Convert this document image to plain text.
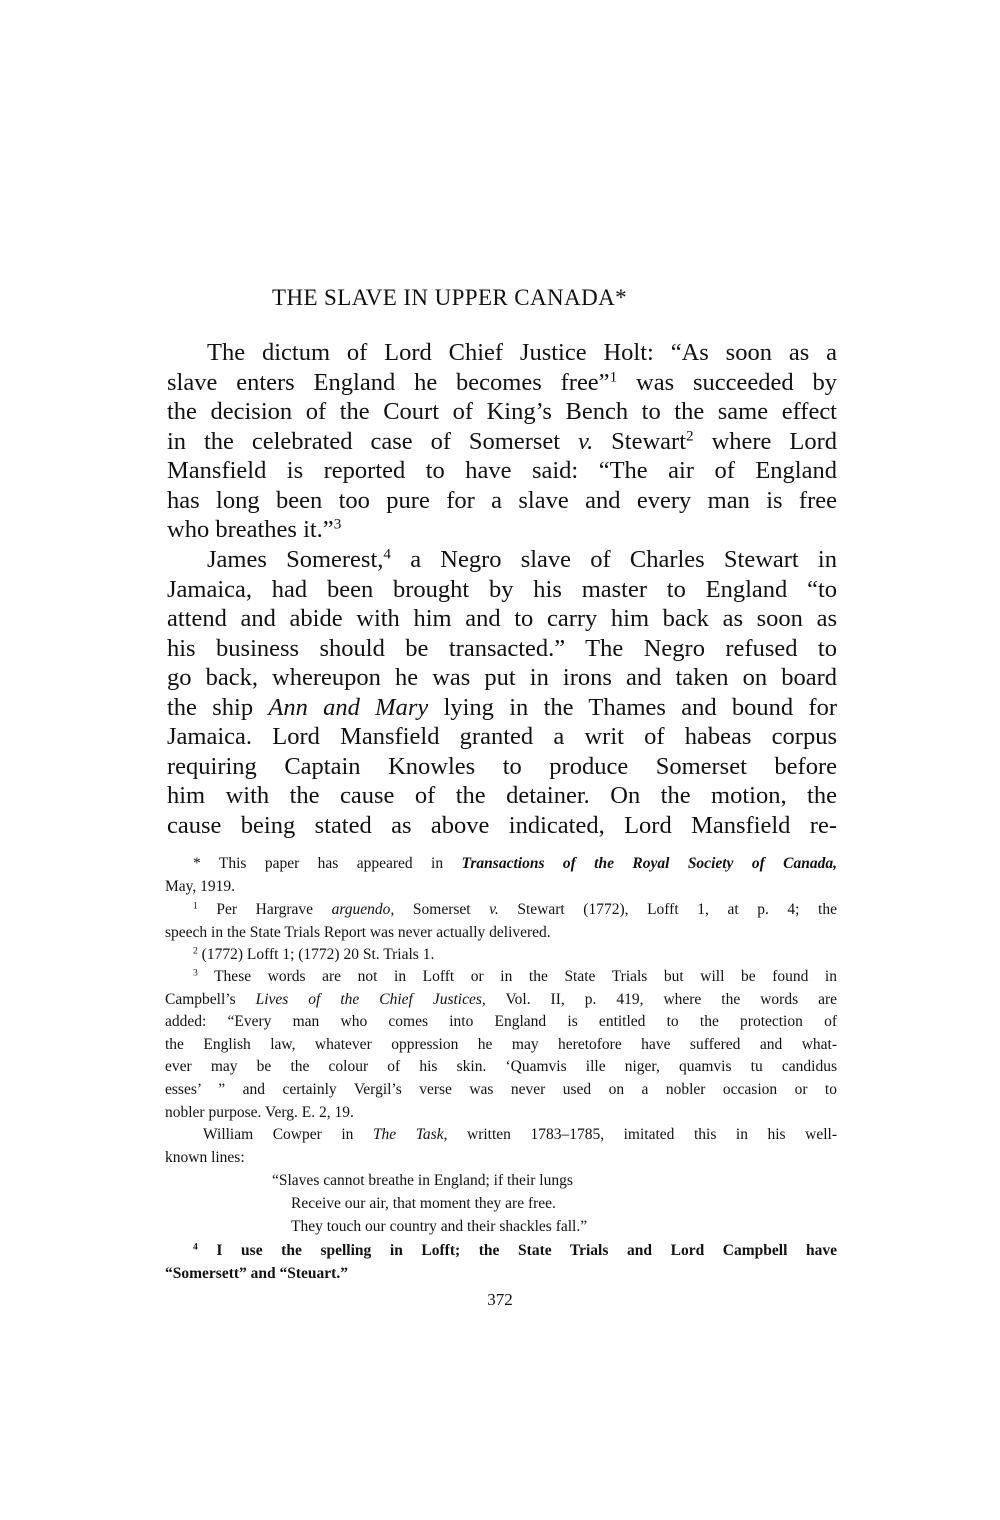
THE SLAVE IN UPPER CANADA*
The dictum of Lord Chief Justice Holt: “As soon as a
slave enters England he becomes free”$^1$ was succeeded by
the decision of the Court of King’s Bench to the same effect
in the celebrated case of Somerset v. Stewart$^2$ where Lord
Mansfield is reported to have said: “The air of England
has long been too pure for a slave and every man is free
who breathes it.”$^3$
James Somerest,$^4$ a Negro slave of Charles Stewart in
Jamaica, had been brought by his master to England “to
attend and abide with him and to carry him back as soon as
his business should be transacted.” The Negro refused to
go back, whereupon he was put in irons and taken on board
the ship Ann and Mary lying in the Thames and bound for
Jamaica. Lord Mansfield granted a writ of habeas corpus
requiring Captain Knowles to produce Somerset before
him with the cause of the detainer. On the motion, the
cause being stated as above indicated, Lord Mansfield re-
* This paper has appeared in Transactions of the Royal Society of Canada,
May, 1919.
$^1$ Per Hargrave arguendo, Somerset v. Stewart (1772), Lofft 1, at p. 4; the
speech in the State Trials Report was never actually delivered.
$^2$ (1772) Lofft 1; (1772) 20 St. Trials 1.
$^3$ These words are not in Lofft or in the State Trials but will be found in
Campbell’s Lives of the Chief Justices, Vol. II, p. 419, where the words are
added: “Every man who comes into England is entitled to the protection of
the English law, whatever oppression he may heretofore have suffered and what-
ever may be the colour of his skin. ‘Quamvis ille niger, quamvis tu candidus
esses’ ” and certainly Vergil’s verse was never used on a nobler occasion or to
nobler purpose. Verg. E. 2, 19.
William Cowper in The Task, written 1783–1785, imitated this in his well-
known lines:
“Slaves cannot breathe in England; if their lungs
Receive our air, that moment they are free.
They touch our country and their shackles fall.”
$^4$ I use the spelling in Lofft; the State Trials and Lord Campbell have
“Somersett” and “Steuart.”
372
